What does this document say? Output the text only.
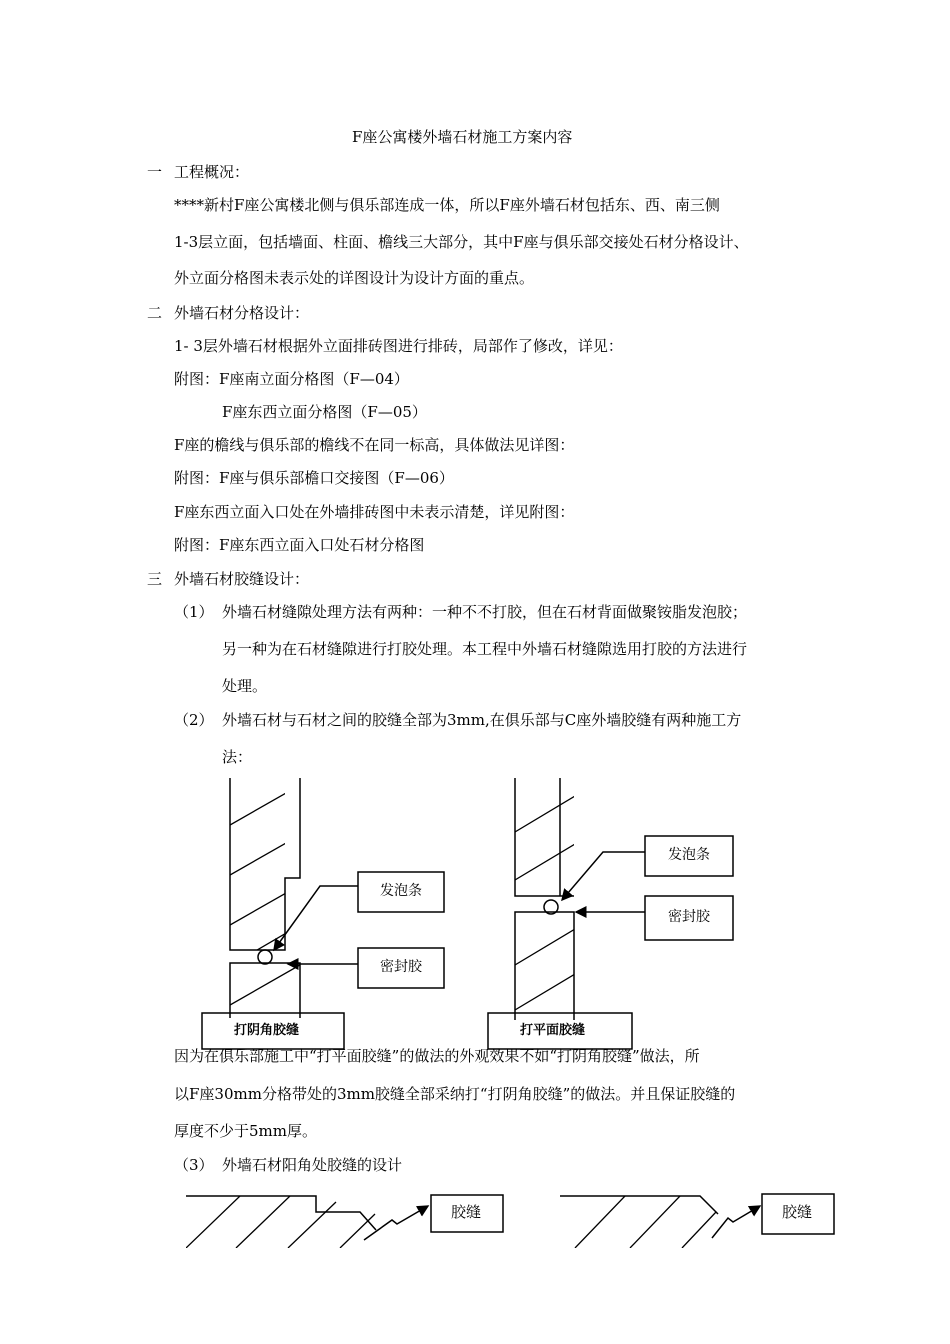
F座公寓楼外墙石材施工方案内容
一 工程概况：
****新村F座公寓楼北侧与俱乐部连成一体，所以F座外墙石材包括东、西、南三侧
1-3层立面，包括墙面、柱面、檐线三大部分，其中F座与俱乐部交接处石材分格设计、
外立面分格图未表示处的详图设计为设计方面的重点。
二 外墙石材分格设计：
1- 3层外墙石材根据外立面排砖图进行排砖，局部作了修改，详见：
附图：F座南立面分格图（F—04）
F座东西立面分格图（F—05）
F座的檐线与俱乐部的檐线不在同一标高，具体做法见详图：
附图：F座与俱乐部檐口交接图（F—06）
F座东西立面入口处在外墙排砖图中未表示清楚，详见附图：
附图：F座东西立面入口处石材分格图
三 外墙石材胶缝设计：
（1） 外墙石材缝隙处理方法有两种：一种不不打胶，但在石材背面做聚铵脂发泡胶；
另一种为在石材缝隙进行打胶处理。本工程中外墙石材缝隙选用打胶的方法进行
处理。
（2） 外墙石材与石材之间的胶缝全部为3mm,在俱乐部与C座外墙胶缝有两种施工方
法：
发泡条
密封胶
打阴角胶缝
发泡条
密封胶
打平面胶缝
因为在俱乐部施工中“打平面胶缝”的做法的外观效果不如“打阴角胶缝”做法，所
以F座30mm分格带处的3mm胶缝全部采纳打“打阴角胶缝”的做法。并且保证胶缝的
厚度不少于5mm厚。
（3） 外墙石材阳角处胶缝的设计
胶缝	胶缝
